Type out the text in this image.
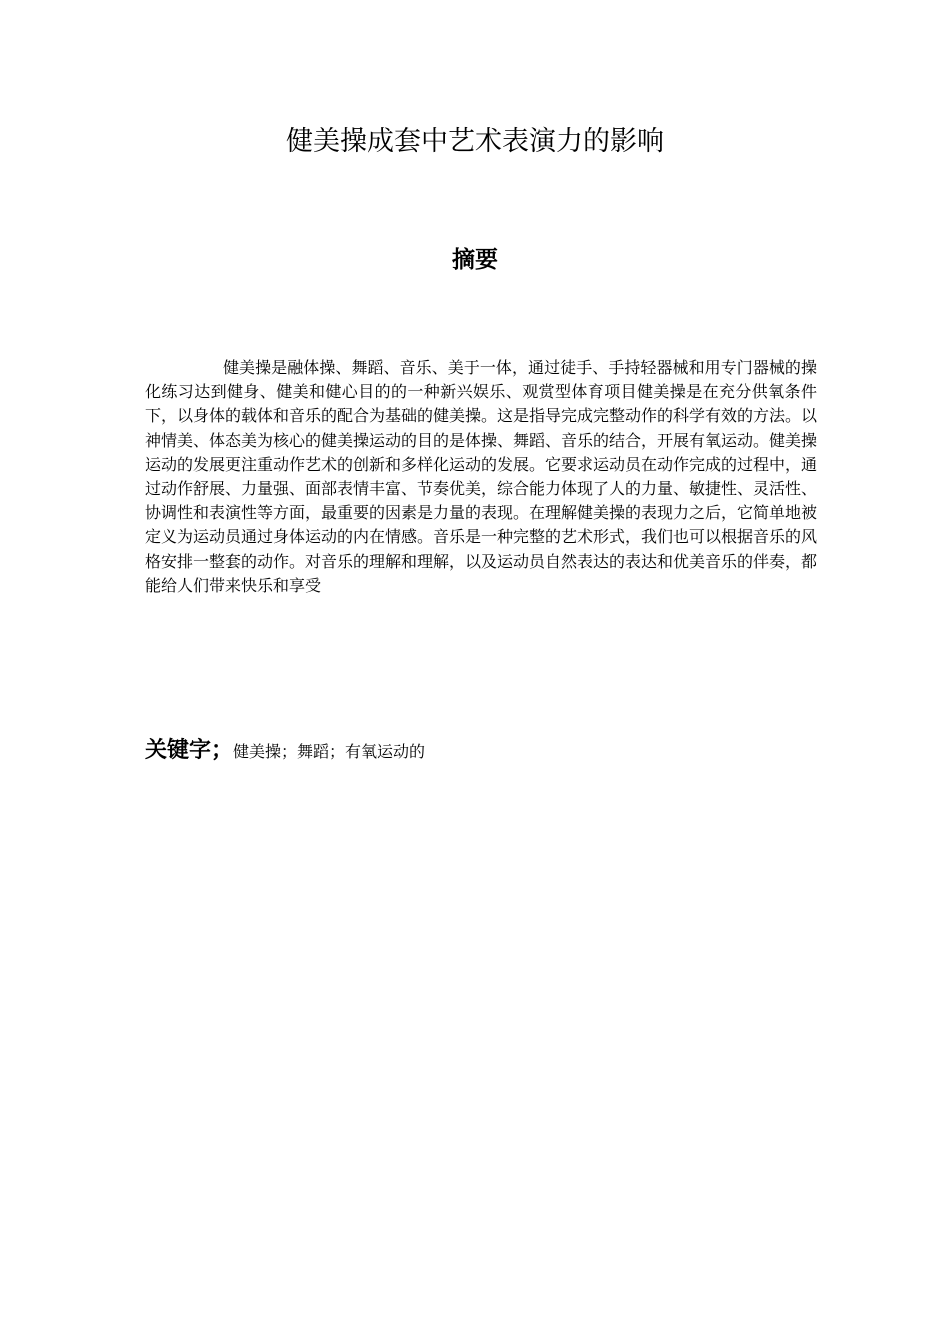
健美操成套中艺术表演力的影响
摘要

健美操是融体操、舞蹈、音乐、美于一体，通过徒手、手持轻器械和用专门器械的操化练习达到健身、健美和健心目的的一种新兴娱乐、观赏型体育项目健美操是在充分供氧条件下，以身体的载体和音乐的配合为基础的健美操。这是指导完成完整动作的科学有效的方法。以神情美、体态美为核心的健美操运动的目的是体操、舞蹈、音乐的结合，开展有氧运动。健美操运动的发展更注重动作艺术的创新和多样化运动的发展。它要求运动员在动作完成的过程中，通过动作舒展、力量强、面部表情丰富、节奏优美，综合能力体现了人的力量、敏捷性、灵活性、协调性和表演性等方面，最重要的因素是力量的表现。在理解健美操的表现力之后，它简单地被定义为运动员通过身体运动的内在情感。音乐是一种完整的艺术形式，我们也可以根据音乐的风格安排一整套的动作。对音乐的理解和理解，以及运动员自然表达的表达和优美音乐的伴奏，都能给人们带来快乐和享受

关键字；健美操；舞蹈；有氧运动的
